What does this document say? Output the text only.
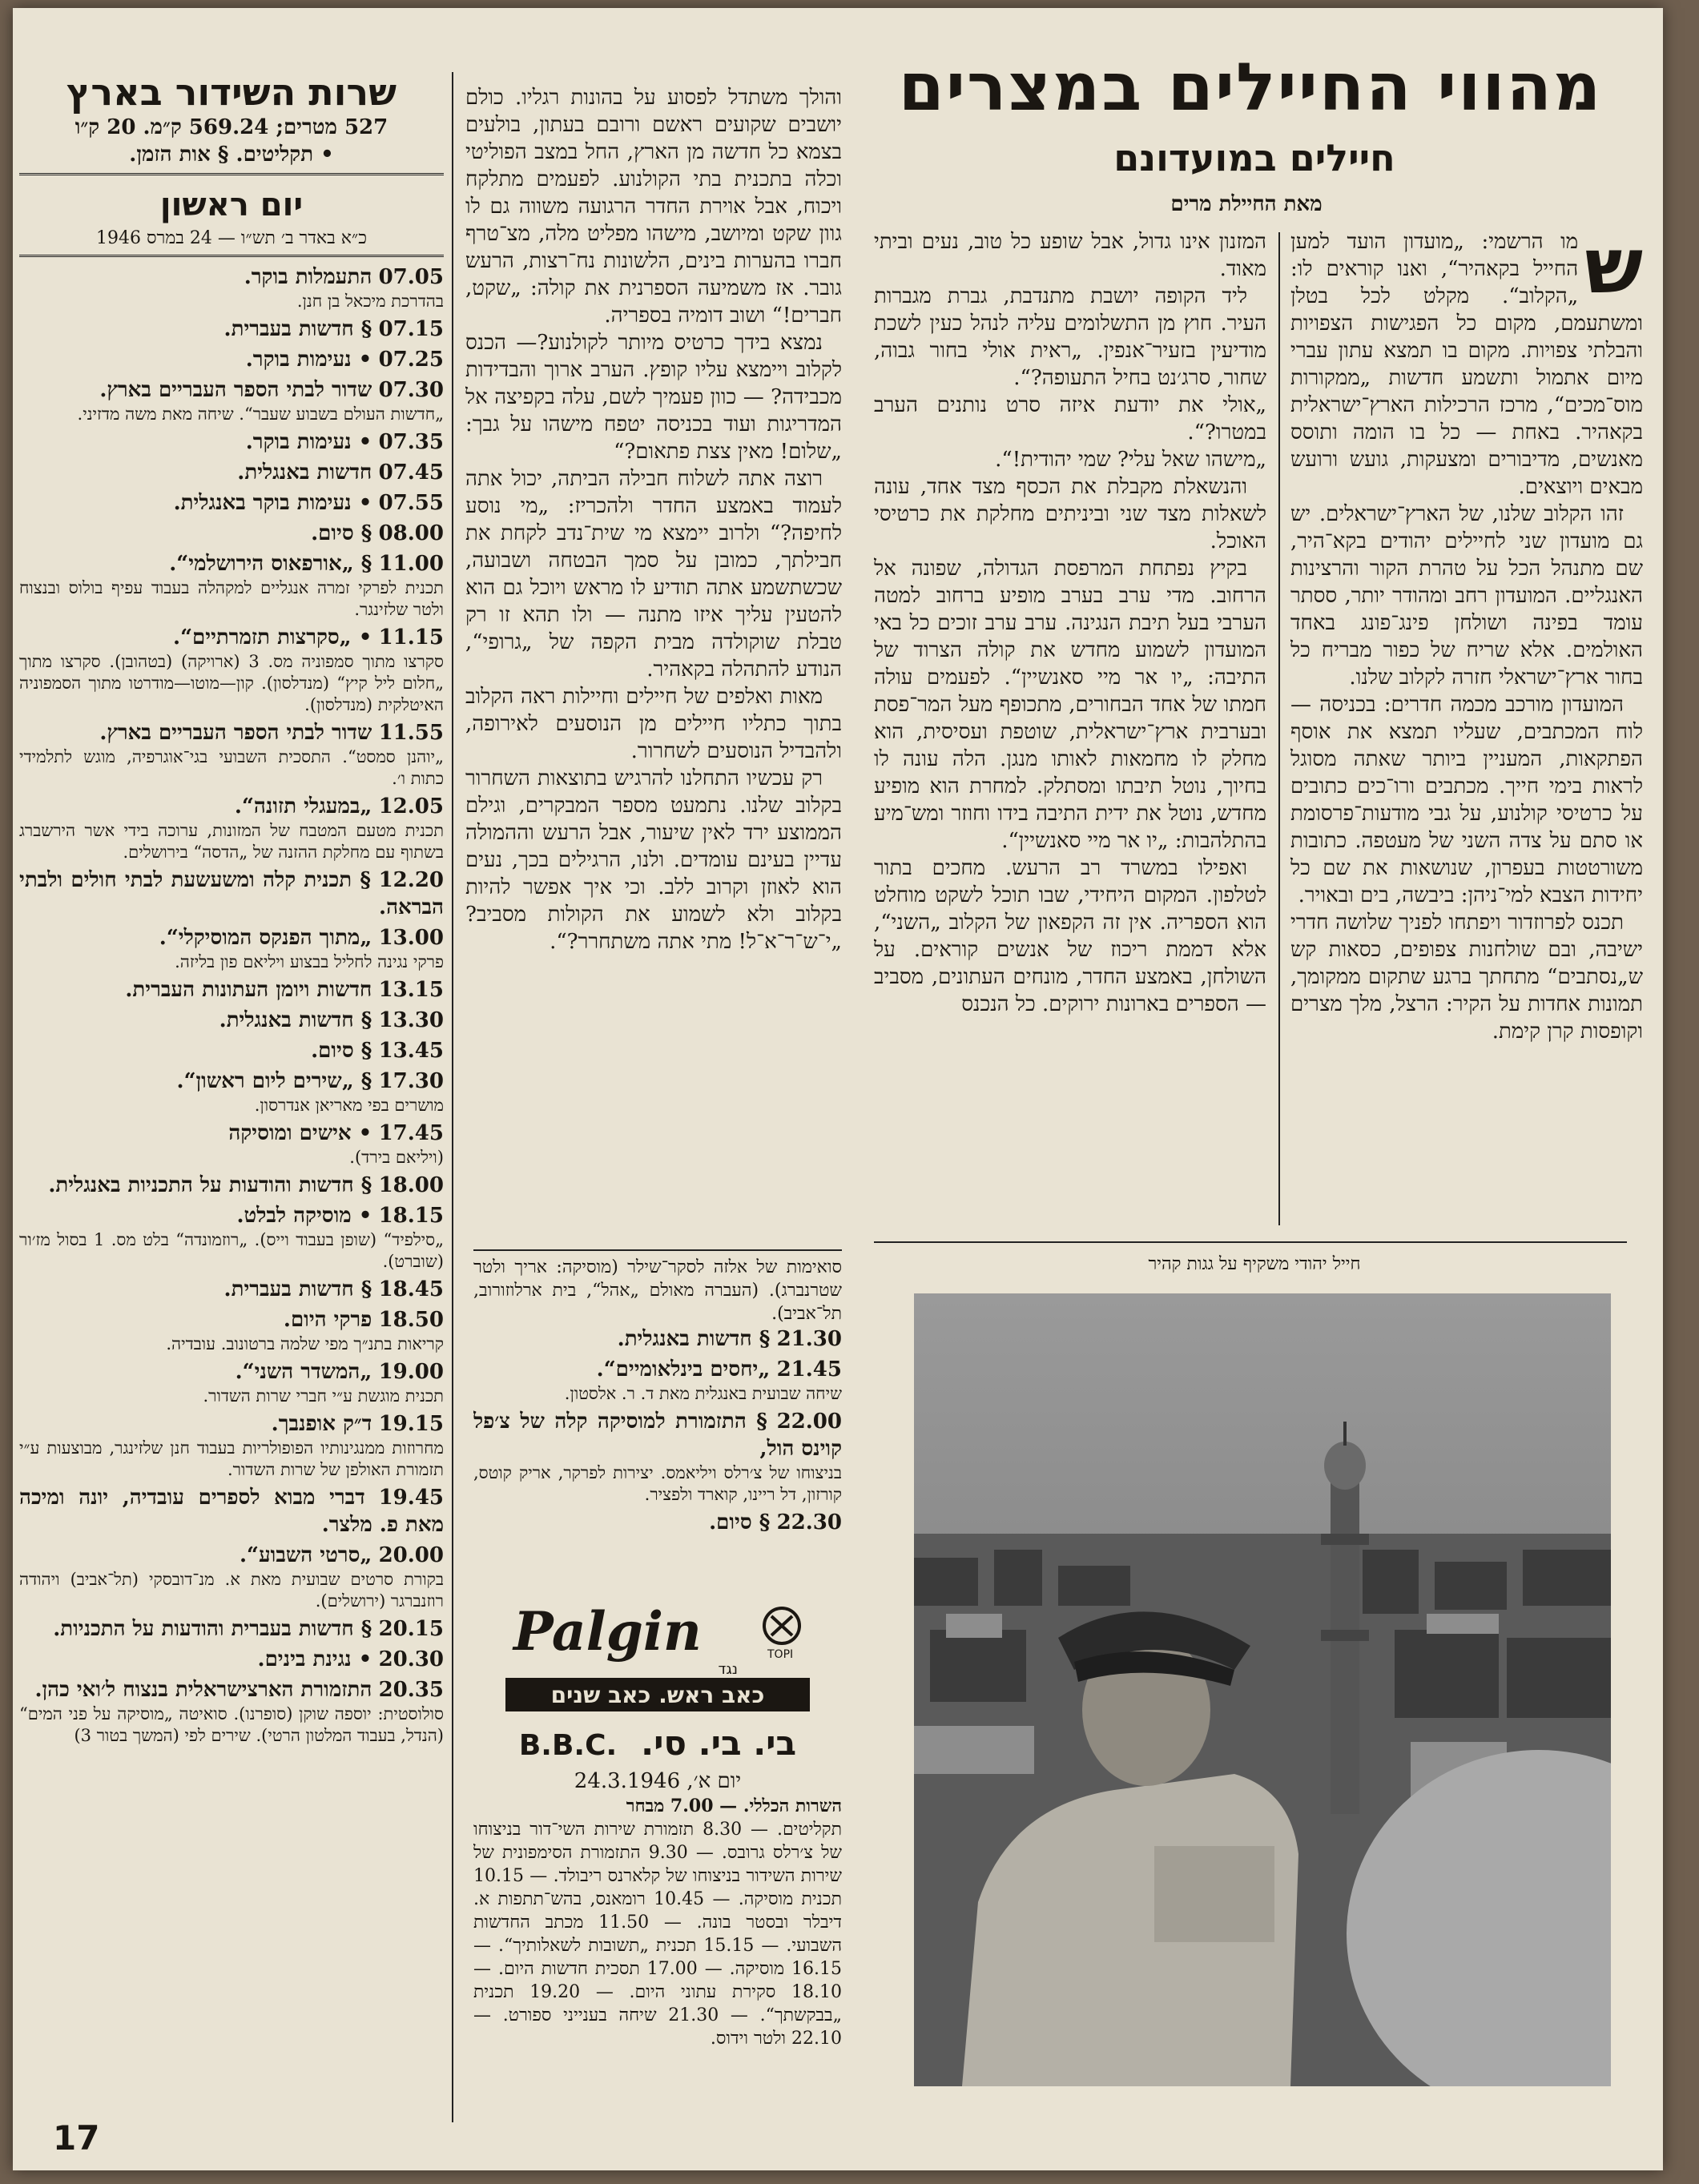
מהווי החיילים במצרים
חיילים במועדונם
מאת החיילת מרים
ש

מו הרשמי: „מועדון הועד למען החייל בקאהיר“, ואנו קוראים לו: „הקלוב“. מקלט לכל בטלן ומשתעמם, מקום כל הפגישות הצפויות והבלתי צפויות. מקום בו תמצא עתון עברי מיום אתמול ותשמע חדשות „ממקורות מוס־מכים“, מרכז הרכילות הארץ־ישראלית בקאהיר. באחת — כל בו הומה ותוסס מאנשים, מדיבורים ומצעקות, גועש ורועש מבאים ויוצאים.

זהו הקלוב שלנו, של הארץ־ישראלים. יש גם מועדון שני לחיילים יהודים בקא־היר, שם מתנהל הכל על טהרת הקור והרצינות האנגליים. המועדון רחב ומהודר יותר, ססתר עומד בפינה ושולחן פינג־פונג באחד האולמים. אלא שריח של כפור מבריח כל בחור ארץ־ישראלי חזרה לקלוב שלנו.

המועדון מורכב מכמה חדרים: בכניסה — לוח המכתבים, שעליו תמצא את אוסף הפתקאות, המעניין ביותר שאתה מסוגל לראות בימי חייך. מכתבים ורו־כים כתובים על כרטיסי קולנוע, על גבי מודעות־פרסומת או סתם על צדה השני של מעטפה. כתובות משורטטות בעפרון, שנושאות את שם כל יחידות הצבא למי־ניהן: ביבשה, בים ובאויר.

תכנס לפרוזדור ויפתחו לפניך שלושה חדרי ישיבה, ובם שולחנות צפופים, כסאות קש ש„נסתבים“ מתחתך ברגע שתקום ממקומך, תמונות אחדות על הקיר: הרצל, מלך מצרים וקופסות קרן קימת.

המזנון אינו גדול, אבל שופע כל טוב, נעים וביתי מאוד.

ליד הקופה יושבת מתנדבת, גברת מגברות העיר. חוץ מן התשלומים עליה לנהל כעין לשכת מודיעין בזעיר־אנפין. „ראית אולי בחור גבוה, שחור, סרג׳נט בחיל התעופה?“.

„אולי את יודעת איזה סרט נותנים הערב במטרו?“.

„מישהו שאל עלי? שמי יהודית!“.

והנשאלת מקבלת את הכסף מצד אחד, עונה לשאלות מצד שני וביניתים מחלקת את כרטיסי האוכל.

בקיץ נפתחת המרפסת הגדולה, שפונה אל הרחוב. מדי ערב בערב מופיע ברחוב למטה הערבי בעל תיבת הנגינה. ערב ערב זוכים כל באי המועדון לשמוע מחדש את קולה הצרוד של התיבה: „יו אר מיי סאנשיין“. לפעמים עולה חמתו של אחד הבחורים, מתכופף מעל המר־פסת ובערבית ארץ־ישראלית, שוטפת ועסיסית, הוא מחלק לו מחמאות לאותו מנגן. הלה עונה לו בחיוך, נוטל תיבתו ומסתלק. למחרת הוא מופיע מחדש, נוטל את ידית התיבה בידו וחוזר ומש־מיע בהתלהבות: „יו אר מיי סאנשיין“.

ואפילו במשרד רב הרעש. מחכים בתור לטלפון. המקום היחידי, שבו תוכל לשקט מוחלט הוא הספריה. אין זה הקפאון של הקלוב „השני“, אלא דממת ריכוז של אנשים קוראים. על השולחן, באמצע החדר, מונחים העתונים, מסביב — הספרים בארונות ירוקים. כל הנכנס

והולך משתדל לפסוע על בהונות רגליו. כולם יושבים שקועים ראשם ורובם בעתון, בולעים בצמא כל חדשה מן הארץ, החל במצב הפוליטי וכלה בתכנית בתי הקולנוע. לפעמים מתלקח ויכוח, אבל אוירת החדר הרגועה משווה גם לו גוון שקט ומיושב, מישהו מפליט מלה, מצ־טרף חברו בהערות בינים, הלשונות נח־רצות, הרעש גובר. אז משמיעה הספרנית את קולה: „שקט, חברים!“ ושוב דומיה בספריה.

נמצא בידך כרטיס מיותר לקולנוע?— הכנס לקלוב ויימצא עליו קופץ. הערב ארוך והבדידות מכבידה? — כוון פעמיך לשם, עלה בקפיצה אל המדריגות ועוד בכניסה יטפח מישהו על גבך: „שלום! מאין צצת פתאום?“

רוצה אתה לשלוח חבילה הביתה, יכול אתה לעמוד באמצע החדר ולהכריז: „מי נוסע לחיפה?“ ולרוב יימצא מי שית־נדב לקחת את חבילתך, כמובן על סמך הבטחה ושבועה, שכשתשמע אתה תודיע לו מראש ויוכל גם הוא להטעין עליך איזו מתנה — ולו תהא זו רק טבלת שוקולדה מבית הקפה של „גרופי“, הנודע להתהלה בקאהיר.

מאות ואלפים של חיילים וחיילות ראה הקלוב בתוך כתליו חיילים מן הנוסעים לאירופה, ולהבדיל הנוסעים לשחרור.

רק עכשיו התחלנו להרגיש בתוצאות השחרור בקלוב שלנו. נתמעט מספר המבקרים, וגילם הממוצע ירד לאין שיעור, אבל הרעש וההמולה עדיין בעינם עומדים. ולנו, הרגילים בכך, נעים הוא לאוזן וקרוב ללב. וכי איך אפשר להיות בקלוב ולא לשמוע את הקולות מסביב? „י־ש־ר־א־ל! מתי אתה משתחרר?“.

חייל יהודי משקיף על גגות קהיר
שרות השידור בארץ

527 מטרים; 569.24 ק״מ. 20 ק״ו

• תקליטים. § אות הזמן.

יום ראשון

כ״א באדר ב׳ תש״ו — 24 במרס 1946

07.05 התעמלות בוקר.
בהדרכת מיכאל בן חנן.

07.15 § חדשות בעברית.

07.25 • נעימות בוקר.

07.30 שדור לבתי הספר העבריים בארץ.
„חדשות העולם בשבוע שעבר“. שיחה מאת משה מדזיני.

07.35 • נעימות בוקר.

07.45 חדשות באנגלית.

07.55 • נעימות בוקר באנגלית.

08.00 § סיום.

11.00 § „אורפאוס הירושלמי“.
תכנית לפרקי זמרה אנגליים למקהלה בעבוד עפיף בולוס ובנצוח ולטר שלזינגר.

11.15 • „סקרצות תזמרתיים“.
סקרצו מתוך סמפוניה מס. 3 (ארויקה) (בטהובן). סקרצו מתוך „חלום ליל קיץ“ (מנדלסון). קון—מוטו—מודרטו מתוך הסמפוניה האיטלקית (מנדלסון).

11.55 שדור לבתי הספר העבריים בארץ.
„יוהנן סמסט“. התסכית השבועי בגי־אוגרפיה, מוגש לתלמידי כתות ו׳.

12.05 „במעגלי תזונה“.
תכנית מטעם המטבח של המזונות, ערוכה בידי אשר הירשברג בשתוף עם מחלקת ההזנה של „הדסה“ בירושלים.

12.20 § תכנית קלה ומשעשעת לבתי חולים ולבתי הבראה.

13.00 „מתוך הפנקס המוסיקלי“.
פרקי נגינה לחליל בבצוע ויליאם פון בליזה.

13.15 חדשות ויומן העתונות העברית.

13.30 § חדשות באנגלית.

13.45 § סיום.

17.30 § „שירים ליום ראשון“.
מושרים בפי מאריאן אנדרסון.

17.45 • אישים ומוסיקה
(ויליאם בירד).

18.00 § חדשות והודעות על התכניות באנגלית.

18.15 • מוסיקה לבלט.
„סילפיד“ (שופן בעבוד וייס). „רוזמונדה“ בלט מס. 1 בסול מז׳ור (שוברט).

18.45 § חדשות בעברית.

18.50 פרקי היום.
קריאות בתנ״ך מפי שלמה ברטונוב. עובדיה.

19.00 „המשדר השני“.
תכנית מוגשת ע״י חברי שרות השדור.

19.15 ד״ק אופנבך.
מחרוזות ממנגינותיו הפופולריות בעבוד חנן שלזינגר, מבוצעות ע״י תזמורת האולפן של שרות השדור.

19.45 דברי מבוא לספרים עובדיה, יונה ומיכה מאת פ. מלצר.

20.00 „סרטי השבוע“.
בקורת סרטים שבועית מאת א. מנ־דובסקי (תל־אביב) ויהודה רוזנברגר (ירושלים).

20.15 § חדשות בעברית והודעות על התכניות.

20.30 • נגינת בינים.

20.35 התזמורת הארצישראלית בנצוח ל׳ואי כהן.
סולוסטית: יוספה שוקן (סופרנו). סואיטה „מוסיקה על פני המים“ (הנדל, בעבוד המלטון הרטי). שירים לפי (המשך בטור 3)

סואימות של אלזה לסקר־שילר (מוסיקה: אריך ולטר שטרנברג). (העברה מאולם „אהל“, בית ארלוזורוב, תל־אביב).

21.30 § חדשות באנגלית.

21.45 „יחסים בינלאומיים“.
שיחה שבועית באנגלית מאת ד. ר. אלסטון.

22.00 § התזמורת למוסיקה קלה של צ׳פל קוינס הול,
בניצוחו של צ׳רלס ויליאמס. יצירות לפרקר, אריק קוטס, קורזון, דל ריינו, קוארד ולפציר.

22.30 § סיום.

Palgin	TOPI
נגד
כאב ראש. כאב שנים
בי. בי. סי.
B.B.C.

יום א׳, 24.3.1946

השרות הכללי. — 7.00 מבחר

תקליטים. — 8.30 תזמורת שירות השי־דור בניצוחו של צ׳רלס גרובס. — 9.30 התזמורת הסימפונית של שירות השידור בניצוחו של קלארנס ריבולד. — 10.15 תכנית מוסיקה. — 10.45 רומאנס, בהש־תתפות א. דיבלר ובסטר בונה. — 11.50 מכתב החדשות השבועי. — 15.15 תכנית „תשובות לשאלותיך“. — 16.15 מוסיקה. — 17.00 תסכית חדשות היום. — 18.10 סקירת עתוני היום. — 19.20 תכנית „בבקשתך“. — 21.30 שיחה בענייני ספורט. — 22.10 ולטר וידוס.

17
